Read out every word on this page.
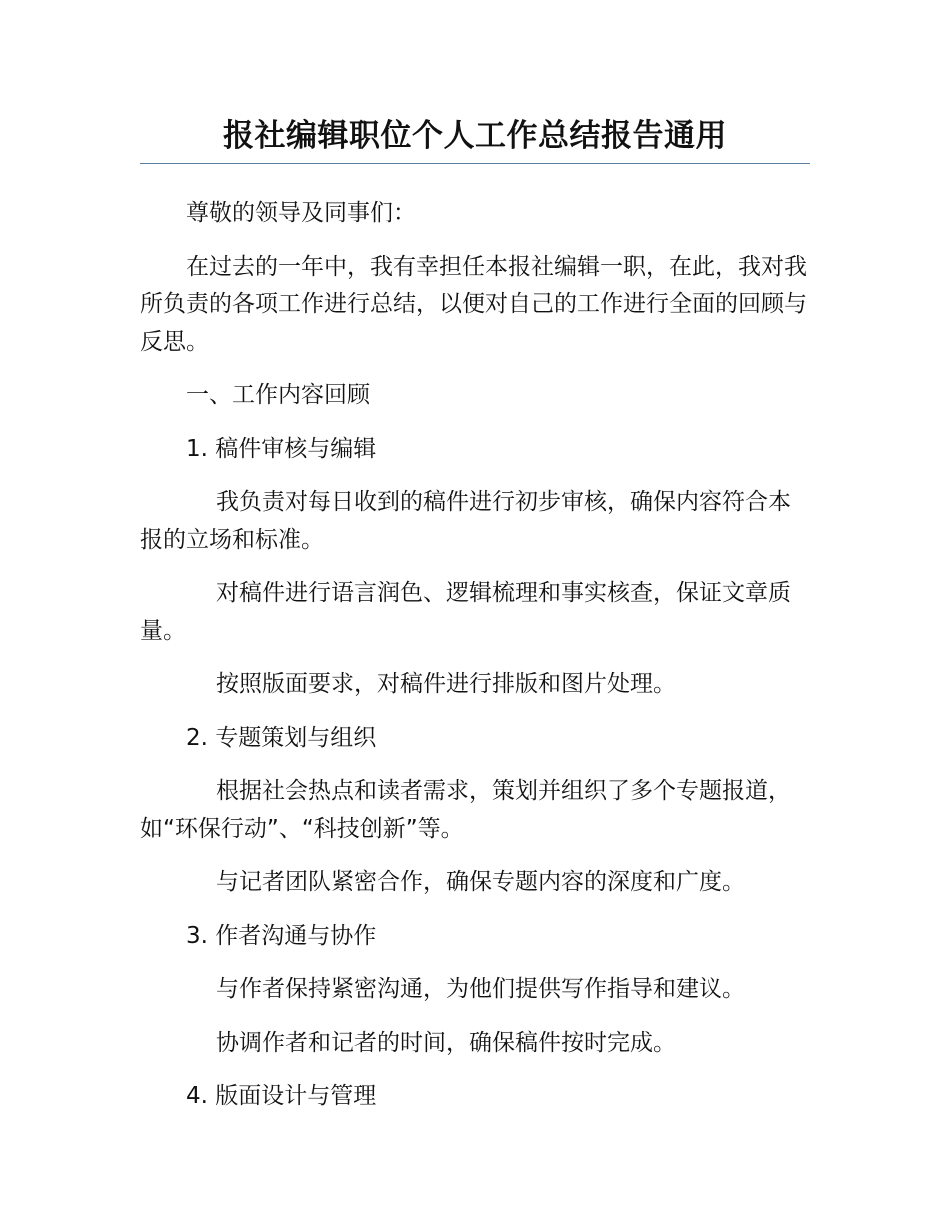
报社编辑职位个人工作总结报告通用

尊敬的领导及同事们：

在过去的一年中，我有幸担任本报社编辑一职，在此，我对我所负责的各项工作进行总结，以便对自己的工作进行全面的回顾与反思。

一、工作内容回顾

1. 稿件审核与编辑

我负责对每日收到的稿件进行初步审核，确保内容符合本报的立场和标准。

对稿件进行语言润色、逻辑梳理和事实核查，保证文章质量。

按照版面要求，对稿件进行排版和图片处理。

2. 专题策划与组织

根据社会热点和读者需求，策划并组织了多个专题报道，如“环保行动”、“科技创新”等。

与记者团队紧密合作，确保专题内容的深度和广度。

3. 作者沟通与协作

与作者保持紧密沟通，为他们提供写作指导和建议。

协调作者和记者的时间，确保稿件按时完成。

4. 版面设计与管理
